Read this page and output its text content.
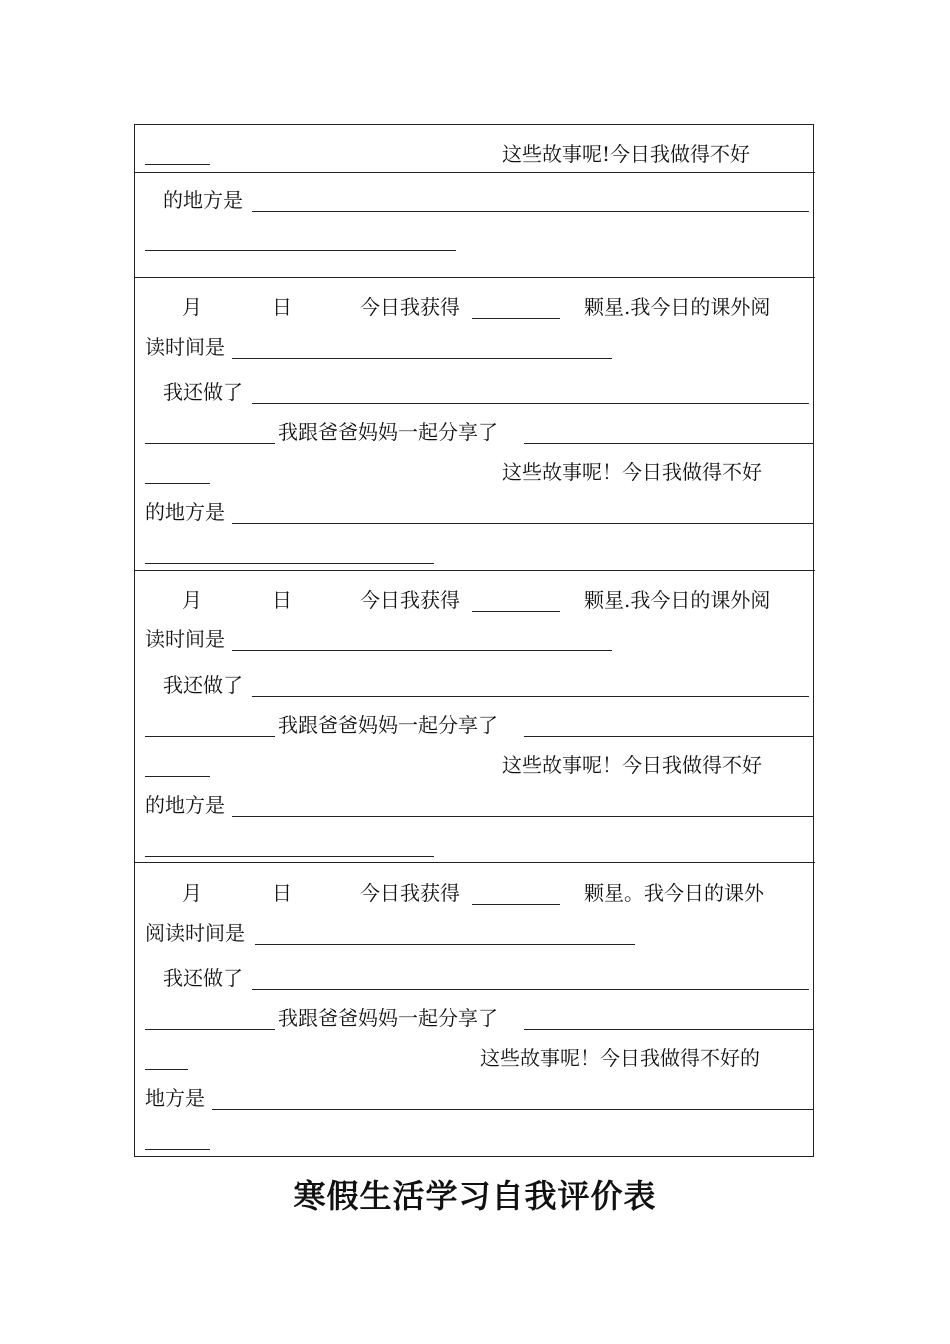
这些故事呢!今日我做得不好
的地方是
月	日	今日我获得	颗星.我今日的课外阅
读时间是
我还做了
我跟爸爸妈妈一起分享了
这些故事呢！今日我做得不好
的地方是
月	日	今日我获得	颗星.我今日的课外阅
读时间是
我还做了
我跟爸爸妈妈一起分享了
这些故事呢！今日我做得不好
的地方是
月	日	今日我获得	颗星。我今日的课外
阅读时间是
我还做了
我跟爸爸妈妈一起分享了
这些故事呢！今日我做得不好的
地方是
寒假生活学习自我评价表
